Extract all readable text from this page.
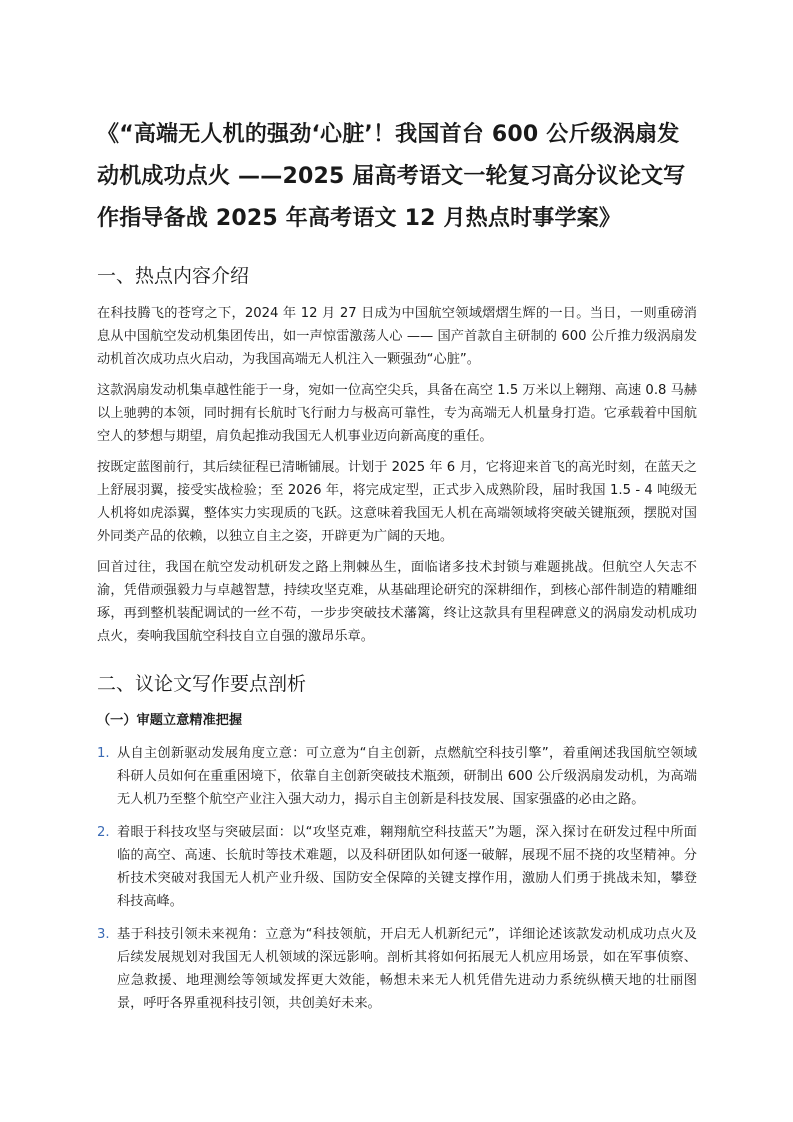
《“高端无人机的强劲‘心脏’！我国首台 600 公斤级涡扇发动机成功点火 ——2025 届高考语文一轮复习高分议论文写作指导备战 2025 年高考语文 12 月热点时事学案》
一、热点内容介绍

在科技腾飞的苍穹之下，2024 年 12 月 27 日成为中国航空领域熠熠生辉的一日。当日，一则重磅消息从中国航空发动机集团传出，如一声惊雷激荡人心 —— 国产首款自主研制的 600 公斤推力级涡扇发动机首次成功点火启动，为我国高端无人机注入一颗强劲“心脏”。

这款涡扇发动机集卓越性能于一身，宛如一位高空尖兵，具备在高空 1.5 万米以上翱翔、高速 0.8 马赫以上驰骋的本领，同时拥有长航时飞行耐力与极高可靠性，专为高端无人机量身打造。它承载着中国航空人的梦想与期望，肩负起推动我国无人机事业迈向新高度的重任。

按既定蓝图前行，其后续征程已清晰铺展。计划于 2025 年 6 月，它将迎来首飞的高光时刻，在蓝天之上舒展羽翼，接受实战检验；至 2026 年，将完成定型，正式步入成熟阶段，届时我国 1.5 - 4 吨级无人机将如虎添翼，整体实力实现质的飞跃。这意味着我国无人机在高端领域将突破关键瓶颈，摆脱对国外同类产品的依赖，以独立自主之姿，开辟更为广阔的天地。

回首过往，我国在航空发动机研发之路上荆棘丛生，面临诸多技术封锁与难题挑战。但航空人矢志不渝，凭借顽强毅力与卓越智慧，持续攻坚克难，从基础理论研究的深耕细作，到核心部件制造的精雕细琢，再到整机装配调试的一丝不苟，一步步突破技术藩篱，终让这款具有里程碑意义的涡扇发动机成功点火，奏响我国航空科技自立自强的激昂乐章。

二、议论文写作要点剖析
（一）审题立意精准把握
1. 从自主创新驱动发展角度立意：可立意为“自主创新，点燃航空科技引擎”，着重阐述我国航空领域科研人员如何在重重困境下，依靠自主创新突破技术瓶颈，研制出 600 公斤级涡扇发动机，为高端无人机乃至整个航空产业注入强大动力，揭示自主创新是科技发展、国家强盛的必由之路。
2. 着眼于科技攻坚与突破层面：以“攻坚克难，翱翔航空科技蓝天”为题，深入探讨在研发过程中所面临的高空、高速、长航时等技术难题，以及科研团队如何逐一破解，展现不屈不挠的攻坚精神。分析技术突破对我国无人机产业升级、国防安全保障的关键支撑作用，激励人们勇于挑战未知，攀登科技高峰。
3. 基于科技引领未来视角：立意为“科技领航，开启无人机新纪元”，详细论述该款发动机成功点火及后续发展规划对我国无人机领域的深远影响。剖析其将如何拓展无人机应用场景，如在军事侦察、应急救援、地理测绘等领域发挥更大效能，畅想未来无人机凭借先进动力系统纵横天地的壮丽图景，呼吁各界重视科技引领，共创美好未来。
